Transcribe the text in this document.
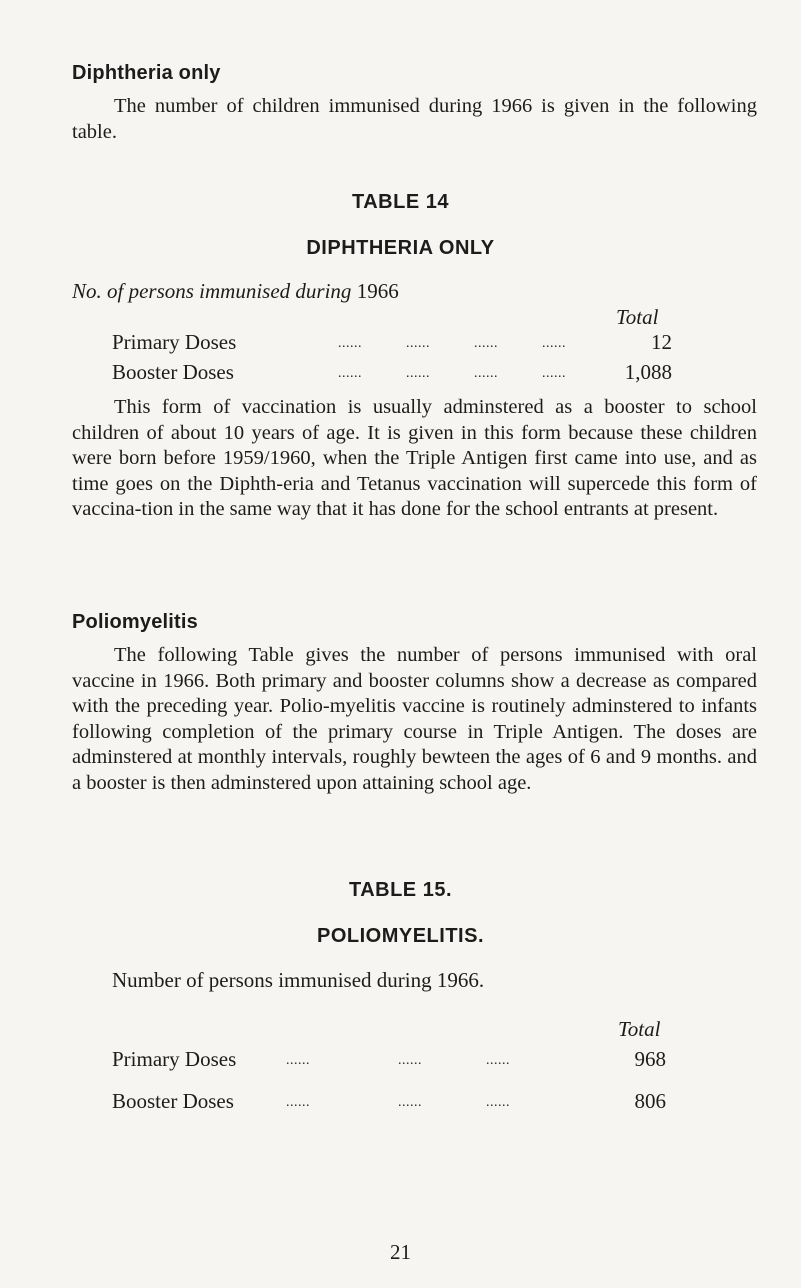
Diphtheria only
The number of children immunised during 1966 is given in the following table.
TABLE 14
DIPHTHERIA ONLY
No. of persons immunised during 1966
Total
Primary Doses	......           ......           ......           ......	12
Booster Doses	......           ......           ......           ......	1,088
This form of vaccination is usually adminstered as a booster to school children of about 10 years of age. It is given in this form because these children were born before 1959/1960, when the Triple Antigen first came into use, and as time goes on the Diphth-eria and Tetanus vaccination will supercede this form of vaccina-tion in the same way that it has done for the school entrants at present.
Poliomyelitis
The following Table gives the number of persons immunised with oral vaccine in 1966. Both primary and booster columns show a decrease as compared with the preceding year. Polio-myelitis vaccine is routinely adminstered to infants following completion of the primary course in Triple Antigen. The doses are adminstered at monthly intervals, roughly bewteen the ages of 6 and 9 months. and a booster is then adminstered upon attaining school age.
TABLE 15.
POLIOMYELITIS.
Number of persons immunised during 1966.
Total
Primary Doses	......                      ......                ......	968
Booster Doses	......                      ......                ......	806
21
